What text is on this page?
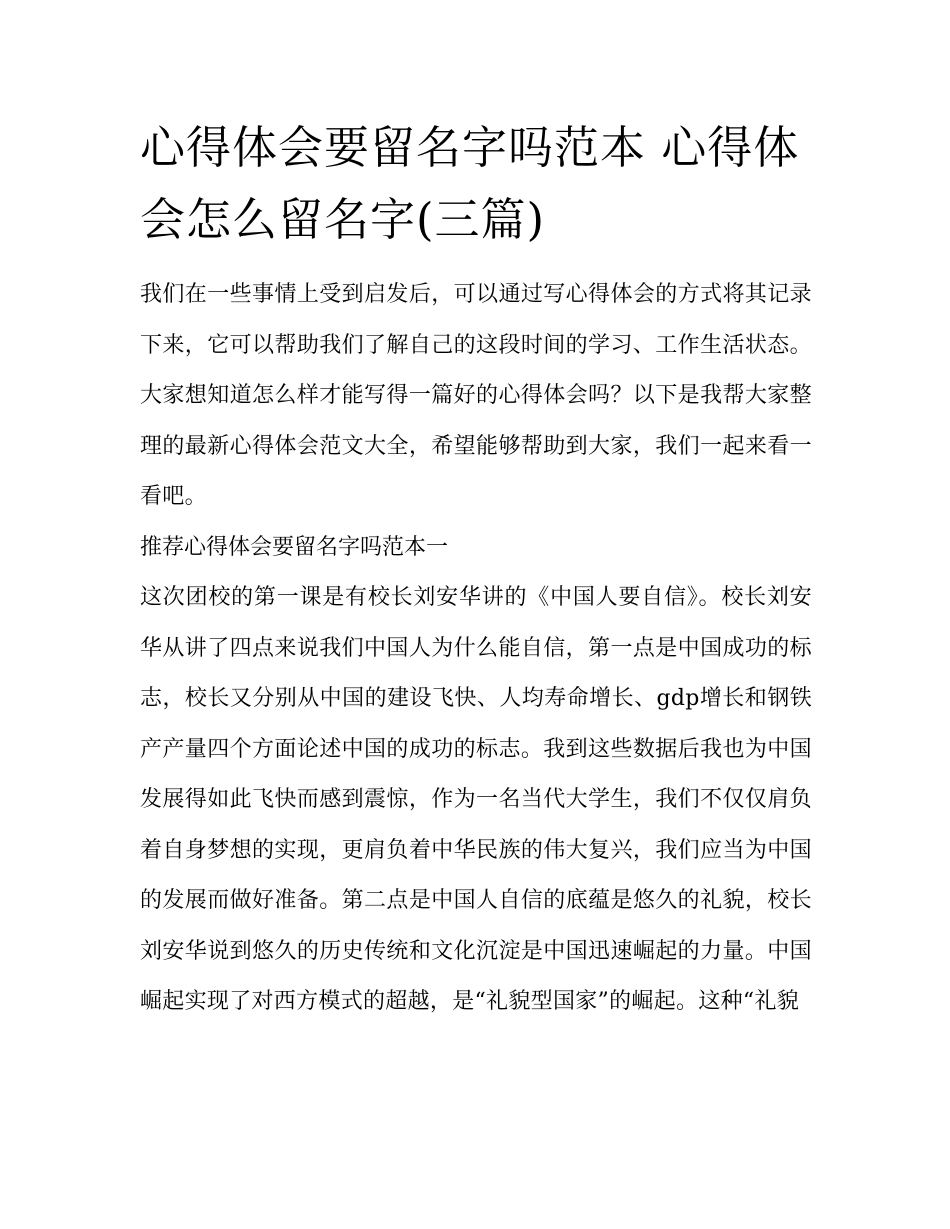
心得体会要留名字吗范本 心得体会怎么留名字(三篇)

我们在一些事情上受到启发后，可以通过写心得体会的方式将其记录下来，它可以帮助我们了解自己的这段时间的学习、工作生活状态。大家想知道怎么样才能写得一篇好的心得体会吗？以下是我帮大家整理的最新心得体会范文大全，希望能够帮助到大家，我们一起来看一看吧。

推荐心得体会要留名字吗范本一

这次团校的第一课是有校长刘安华讲的《中国人要自信》。校长刘安华从讲了四点来说我们中国人为什么能自信，第一点是中国成功的标志，校长又分别从中国的建设飞快、人均寿命增长、gdp增长和钢铁产产量四个方面论述中国的成功的标志。我到这些数据后我也为中国发展得如此飞快而感到震惊，作为一名当代大学生，我们不仅仅肩负着自身梦想的实现，更肩负着中华民族的伟大复兴，我们应当为中国的发展而做好准备。第二点是中国人自信的底蕴是悠久的礼貌，校长刘安华说到悠久的历史传统和文化沉淀是中国迅速崛起的力量。中国崛起实现了对西方模式的超越，是“礼貌型国家”的崛起。这种“礼貌
